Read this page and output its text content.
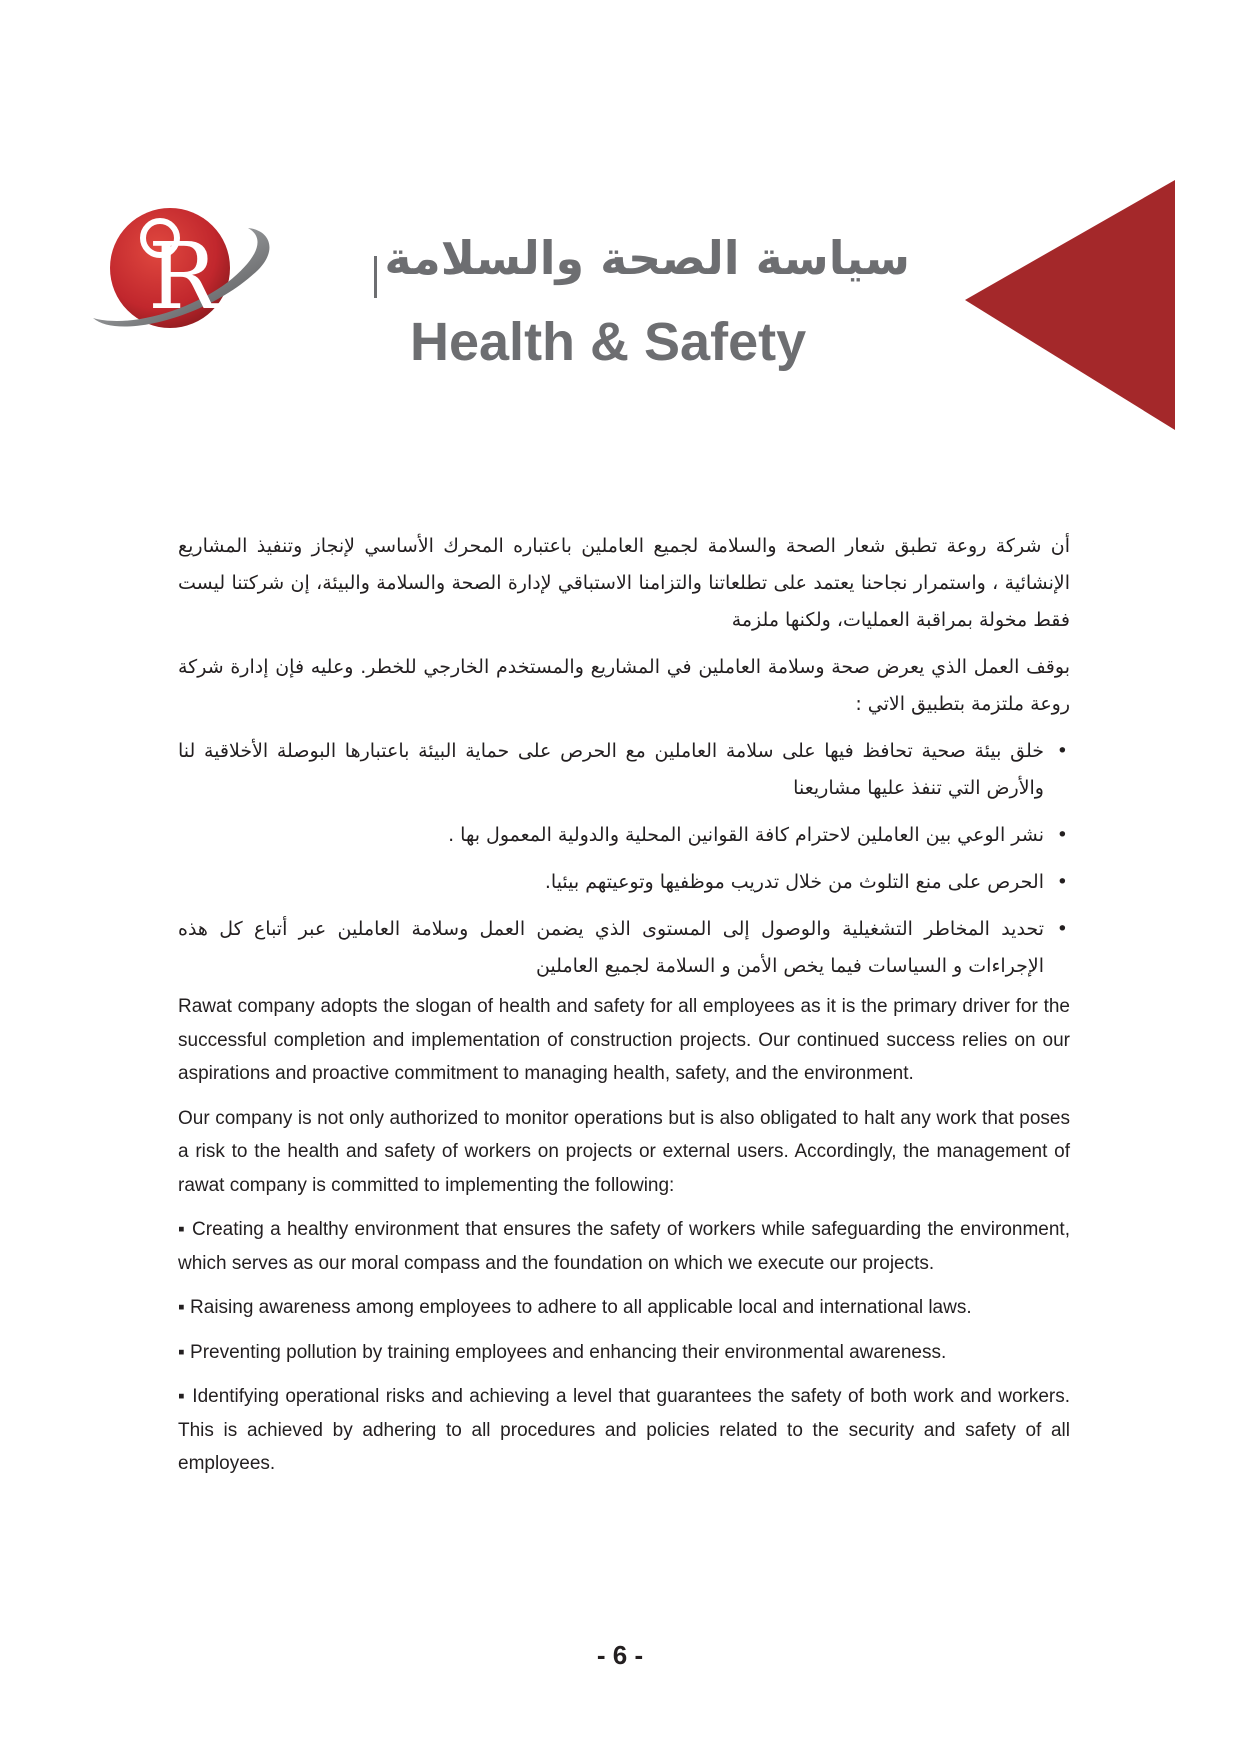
R	سياسة الصحة والسلامة
Health & Safety

أن شركة روعة تطبق شعار الصحة والسلامة لجميع العاملين باعتباره المحرك الأساسي لإنجاز وتنفيذ المشاريع الإنشائية ، واستمرار نجاحنا يعتمد على تطلعاتنا والتزامنا الاستباقي لإدارة الصحة والسلامة والبيئة، إن شركتنا ليست فقط مخولة بمراقبة العمليات، ولكنها ملزمة

بوقف العمل الذي يعرض صحة وسلامة العاملين في المشاريع والمستخدم الخارجي للخطر. وعليه فإن إدارة شركة روعة ملتزمة بتطبيق الاتي :

•
خلق بيئة صحية تحافظ فيها على سلامة العاملين مع الحرص على حماية البيئة باعتبارها البوصلة الأخلاقية لنا والأرض التي تنفذ عليها مشاريعنا

•
نشر الوعي بين العاملين لاحترام كافة القوانين المحلية والدولية المعمول بها .

•
الحرص على منع التلوث من خلال تدريب موظفيها وتوعيتهم بيئيا.

•
تحديد المخاطر التشغيلية والوصول إلى المستوى الذي يضمن العمل وسلامة العاملين عبر أتباع كل هذه الإجراءات و السياسات فيما يخص الأمن و السلامة لجميع العاملين

Rawat company adopts the slogan of health and safety for all employees as it is the primary driver for the successful completion and implementation of construction projects. Our continued success relies on our aspirations and proactive commitment to managing health, safety, and the environment.

Our company is not only authorized to monitor operations but is also obligated to halt any work that poses a risk to the health and safety of workers on projects or external users. Accordingly, the management of rawat company is committed to implementing the following:

▪ Creating a healthy environment that ensures the safety of workers while safeguarding the environment, which serves as our moral compass and the foundation on which we execute our projects.

▪ Raising awareness among employees to adhere to all applicable local and international laws.

▪ Preventing pollution by training employees and enhancing their environmental awareness.

▪ Identifying operational risks and achieving a level that guarantees the safety of both work and workers. This is achieved by adhering to all procedures and policies related to the security and safety of all employees.

- 6 -
